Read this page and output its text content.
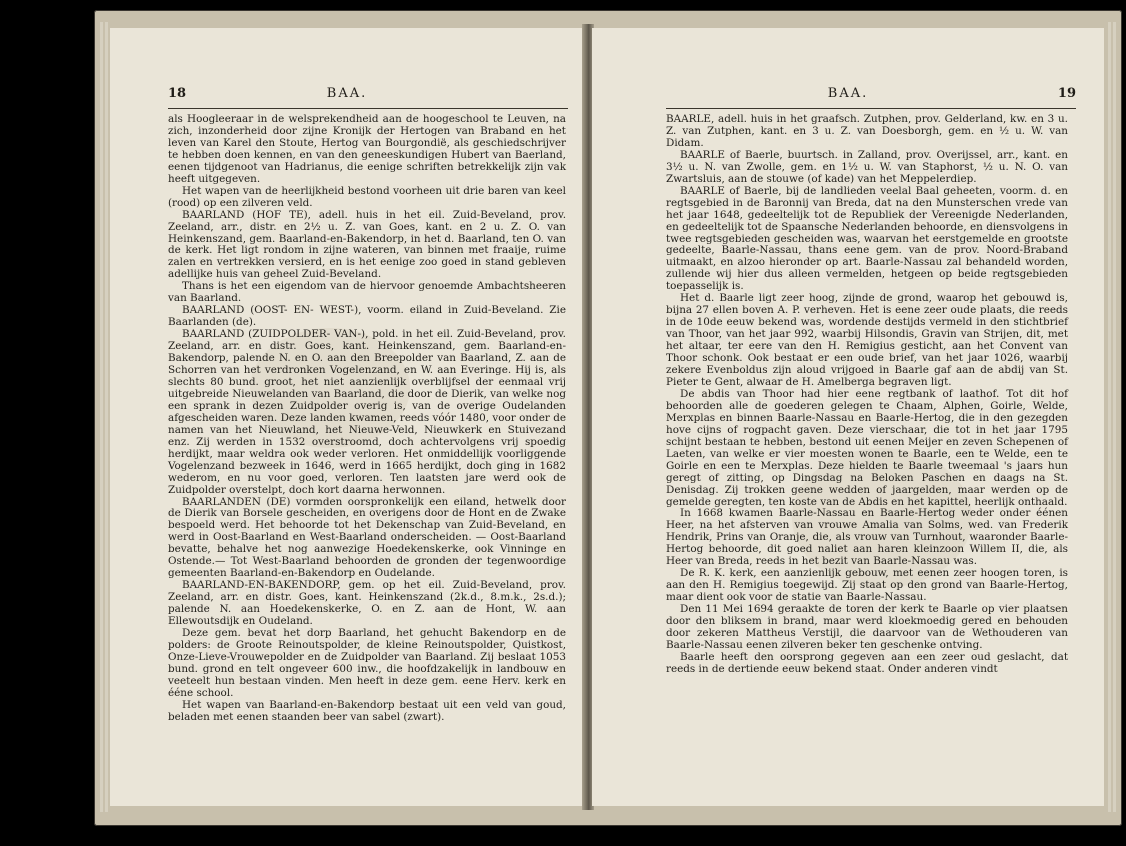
18	BAA.

als Hoogleeraar in de welsprekendheid aan de hoogeschool te Leuven, na zich, inzonderheid door zijne Kronijk der Hertogen van Braband en het leven van Karel den Stoute, Hertog van Bourgondië, als geschiedschrijver te hebben doen kennen, en van den geneeskundigen Hubert van Baerland, eenen tijdgenoot van Hadrianus, die eenige schriften betrekkelijk zijn vak heeft uitgegeven.

Het wapen van de heerlijkheid bestond voorheen uit drie baren van keel (rood) op een zilveren veld.

BAARLAND (HOF TE), adell. huis in het eil. Zuid-Beveland, prov. Zeeland, arr., distr. en 2½ u. Z. van Goes, kant. en 2 u. Z. O. van Heinkenszand, gem. Baarland-en-Bakendorp, in het d. Baarland, ten O. van de kerk. Het ligt rondom in zijne wateren, van binnen met fraaije, ruime zalen en vertrekken versierd, en is het eenige zoo goed in stand gebleven adellijke huis van geheel Zuid-Beveland.

Thans is het een eigendom van de hiervoor genoemde Ambachtsheeren van Baarland.

BAARLAND (OOST- EN- WEST-), voorm. eiland in Zuid-Beveland. Zie Baarlanden (de).

BAARLAND (ZUIDPOLDER- VAN-), pold. in het eil. Zuid-Beveland, prov. Zeeland, arr. en distr. Goes, kant. Heinkenszand, gem. Baarland-en-Bakendorp, palende N. en O. aan den Breepolder van Baarland, Z. aan de Schorren van het verdronken Vogelenzand, en W. aan Everinge. Hij is, als slechts 80 bund. groot, het niet aanzienlijk overblijfsel der eenmaal vrij uitgebreide Nieuwelanden van Baarland, die door de Dierik, van welke nog een sprank in dezen Zuidpolder overig is, van de overige Oudelanden afgescheiden waren. Deze landen kwamen, reeds vóór 1480, voor onder de namen van het Nieuwland, het Nieuwe-Veld, Nieuwkerk en Stuivezand enz. Zij werden in 1532 overstroomd, doch achtervolgens vrij spoedig herdijkt, maar weldra ook weder verloren. Het onmiddellijk voorliggende Vogelenzand bezweek in 1646, werd in 1665 herdijkt, doch ging in 1682 wederom, en nu voor goed, verloren. Ten laatsten jare werd ook de Zuidpolder overstelpt, doch kort daarna herwonnen.

BAARLANDEN (DE) vormden oorspronkelijk een eiland, hetwelk door de Dierik van Borsele gescheiden, en overigens door de Hont en de Zwake bespoeld werd. Het behoorde tot het Dekenschap van Zuid-Beveland, en werd in Oost-Baarland en West-Baarland onderscheiden. — Oost-Baarland bevatte, behalve het nog aanwezige Hoedekenskerke, ook Vinninge en Ostende.— Tot West-Baarland behoorden de gronden der tegenwoordige gemeenten Baarland-en-Bakendorp en Oudelande.

BAARLAND-EN-BAKENDORP, gem. op het eil. Zuid-Beveland, prov. Zeeland, arr. en distr. Goes, kant. Heinkenszand (2k.d., 8.m.k., 2s.d.); palende N. aan Hoedekenskerke, O. en Z. aan de Hont, W. aan Ellewoutsdijk en Oudeland.

Deze gem. bevat het dorp Baarland, het gehucht Bakendorp en de polders: de Groote Reinoutspolder, de kleine Reinoutspolder, Quistkost, Onze-Lieve-Vrouwepolder en de Zuidpolder van Baarland. Zij beslaat 1053 bund. grond en telt ongeveer 600 inw., die hoofdzakelijk in landbouw en veeteelt hun bestaan vinden. Men heeft in deze gem. eene Herv. kerk en ééne school.

Het wapen van Baarland-en-Bakendorp bestaat uit een veld van goud, beladen met eenen staanden beer van sabel (zwart).

BAA.	19

BAARLE, adell. huis in het graafsch. Zutphen, prov. Gelderland, kw. en 3 u. Z. van Zutphen, kant. en 3 u. Z. van Doesborgh, gem. en ½ u. W. van Didam.

BAARLE of Baerle, buurtsch. in Zalland, prov. Overijssel, arr., kant. en 3½ u. N. van Zwolle, gem. en 1½ u. W. van Staphorst, ½ u. N. O. van Zwartsluis, aan de stouwe (of kade) van het Meppelerdiep.

BAARLE of Baerle, bij de landlieden veelal Baal geheeten, voorm. d. en regtsgebied in de Baronnij van Breda, dat na den Munsterschen vrede van het jaar 1648, gedeeltelijk tot de Republiek der Vereenigde Nederlanden, en gedeeltelijk tot de Spaansche Nederlanden behoorde, en diensvolgens in twee regtsgebieden gescheiden was, waarvan het eerstgemelde en grootste gedeelte, Baarle-Nassau, thans eene gem. van de prov. Noord-Braband uitmaakt, en alzoo hieronder op art. Baarle-Nassau zal behandeld worden, zullende wij hier dus alleen vermelden, hetgeen op beide regtsgebieden toepasselijk is.

Het d. Baarle ligt zeer hoog, zijnde de grond, waarop het gebouwd is, bijna 27 ellen boven A. P. verheven. Het is eene zeer oude plaats, die reeds in de 10de eeuw bekend was, wordende destijds vermeld in den stichtbrief van Thoor, van het jaar 992, waarbij Hilsondis, Gravin van Strijen, dit, met het altaar, ter eere van den H. Remigius gesticht, aan het Convent van Thoor schonk. Ook bestaat er een oude brief, van het jaar 1026, waarbij zekere Evenboldus zijn aloud vrijgoed in Baarle gaf aan de abdij van St. Pieter te Gent, alwaar de H. Amelberga begraven ligt.

De abdis van Thoor had hier eene regtbank of laathof. Tot dit hof behoorden alle de goederen gelegen te Chaam, Alphen, Goirle, Welde, Merxplas en binnen Baarle-Nassau en Baarle-Hertog, die in den gezegden hove cijns of rogpacht gaven. Deze vierschaar, die tot in het jaar 1795 schijnt bestaan te hebben, bestond uit eenen Meijer en zeven Schepenen of Laeten, van welke er vier moesten wonen te Baarle, een te Welde, een te Goirle en een te Merxplas. Deze hielden te Baarle tweemaal 's jaars hun geregt of zitting, op Dingsdag na Beloken Paschen en daags na St. Denisdag. Zij trokken geene wedden of jaargelden, maar werden op de gemelde geregten, ten koste van de Abdis en het kapittel, heerlijk onthaald.

In 1668 kwamen Baarle-Nassau en Baarle-Hertog weder onder éénen Heer, na het afsterven van vrouwe Amalia van Solms, wed. van Frederik Hendrik, Prins van Oranje, die, als vrouw van Turnhout, waaronder Baarle-Hertog behoorde, dit goed naliet aan haren kleinzoon Willem II, die, als Heer van Breda, reeds in het bezit van Baarle-Nassau was.

De R. K. kerk, een aanzienlijk gebouw, met eenen zeer hoogen toren, is aan den H. Remigius toegewijd. Zij staat op den grond van Baarle-Hertog, maar dient ook voor de statie van Baarle-Nassau.

Den 11 Mei 1694 geraakte de toren der kerk te Baarle op vier plaatsen door den bliksem in brand, maar werd kloekmoedig gered en behouden door zekeren Mattheus Verstijl, die daarvoor van de Wethouderen van Baarle-Nassau eenen zilveren beker ten geschenke ontving.

Baarle heeft den oorsprong gegeven aan een zeer oud geslacht, dat reeds in de dertiende eeuw bekend staat. Onder anderen vindt
